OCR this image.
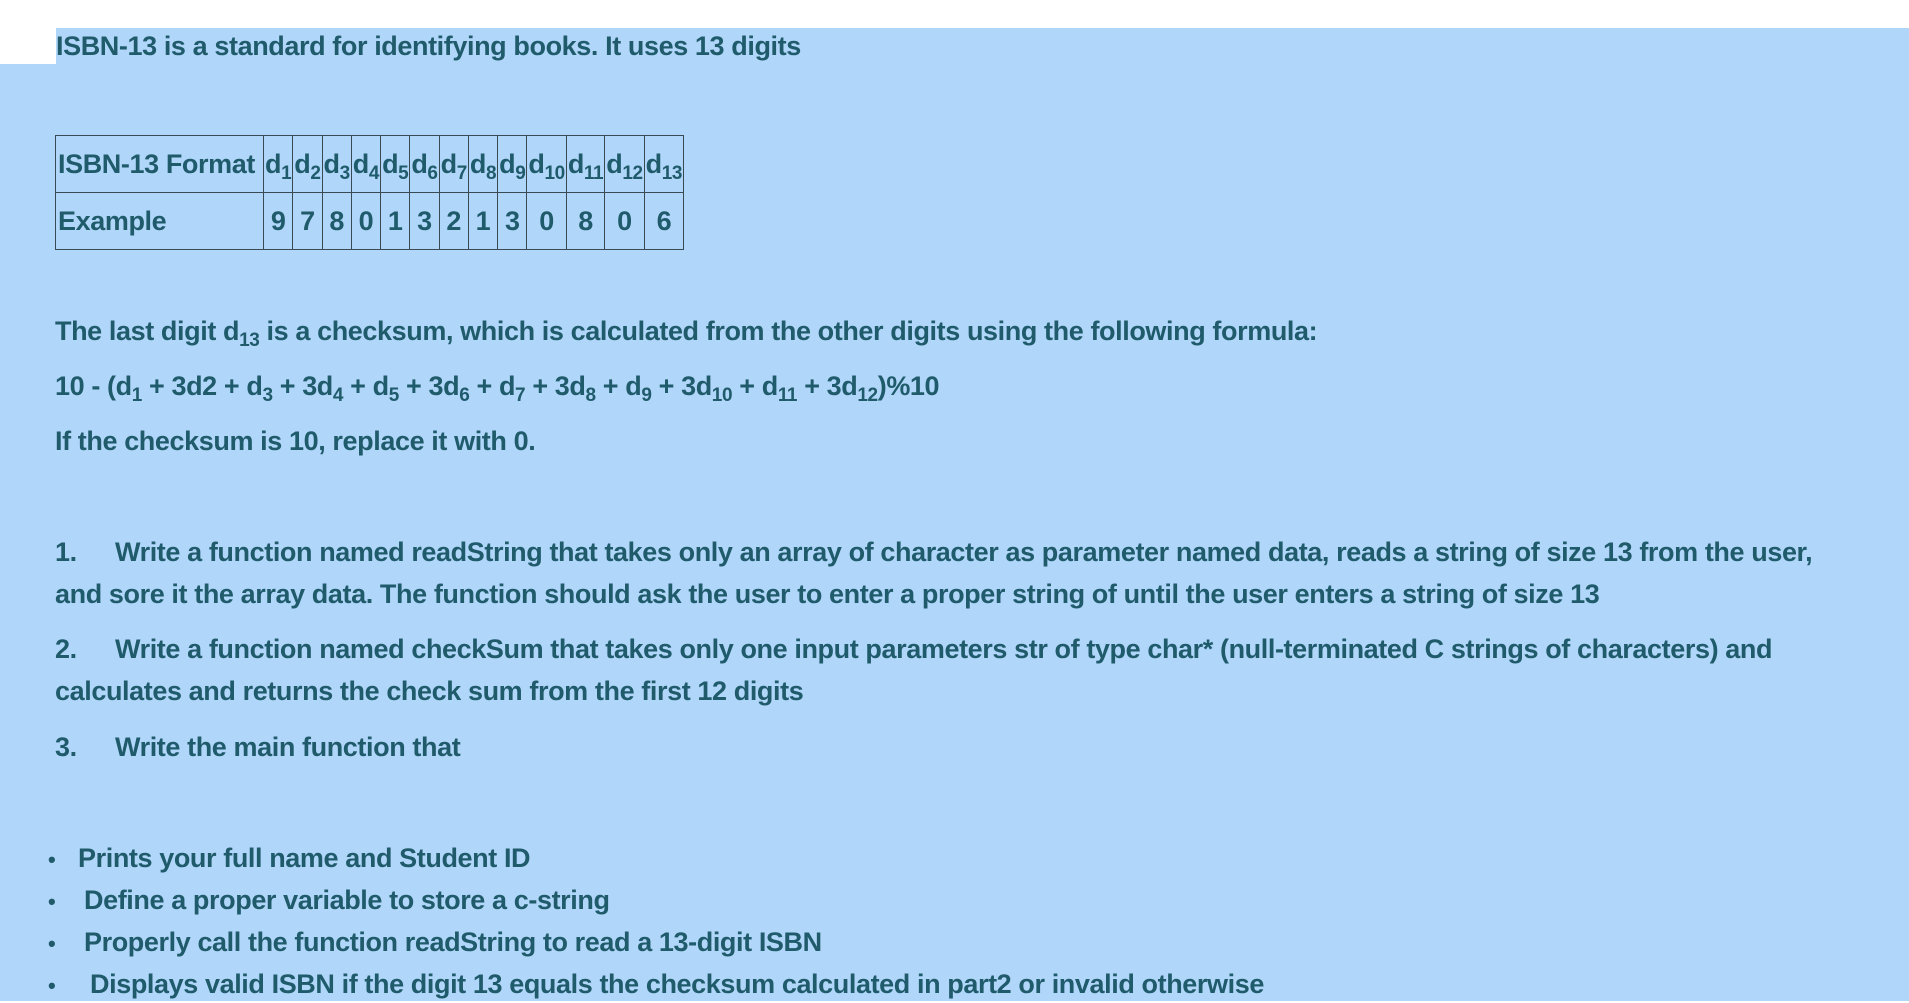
ISBN-13 is a standard for identifying books. It uses 13 digits
ISBN-13 Format	$d_1$	$d_2$	$d_3$	$d_4$	$d_5$	$d_6$	$d_7$	$d_8$	$d_9$	$d_{10}$	$d_{11}$	$d_{12}$	$d_{13}$
Example	9	7	8	0	1	3	2	1	3	0	8	0	6
The last digit $d_{13}$ is a checksum, which is calculated from the other digits using the following formula:
$10 - (d_1 + 3d2 + d_3 + 3d_4 + d_5 + 3d_6 + d_7 + 3d_8 + d_9 + 3d_{10} + d_{11} + 3d_{12})\%10$
If the checksum is 10, replace it with 0.
1. Write a function named readString that takes only an array of character as parameter named data, reads a string of size 13 from the user,
and sore it the array data. The function should ask the user to enter a proper string of until the user enters a string of size 13
2. Write a function named checkSum that takes only one input parameters str of type char* (null-terminated C strings of characters) and
calculates and returns the check sum from the first 12 digits
3. Write the main function that
• Prints your full name and Student ID
• Define a proper variable to store a c-string
• Properly call the function readString to read a 13-digit ISBN
• Displays valid ISBN if the digit 13 equals the checksum calculated in part2 or invalid otherwise
